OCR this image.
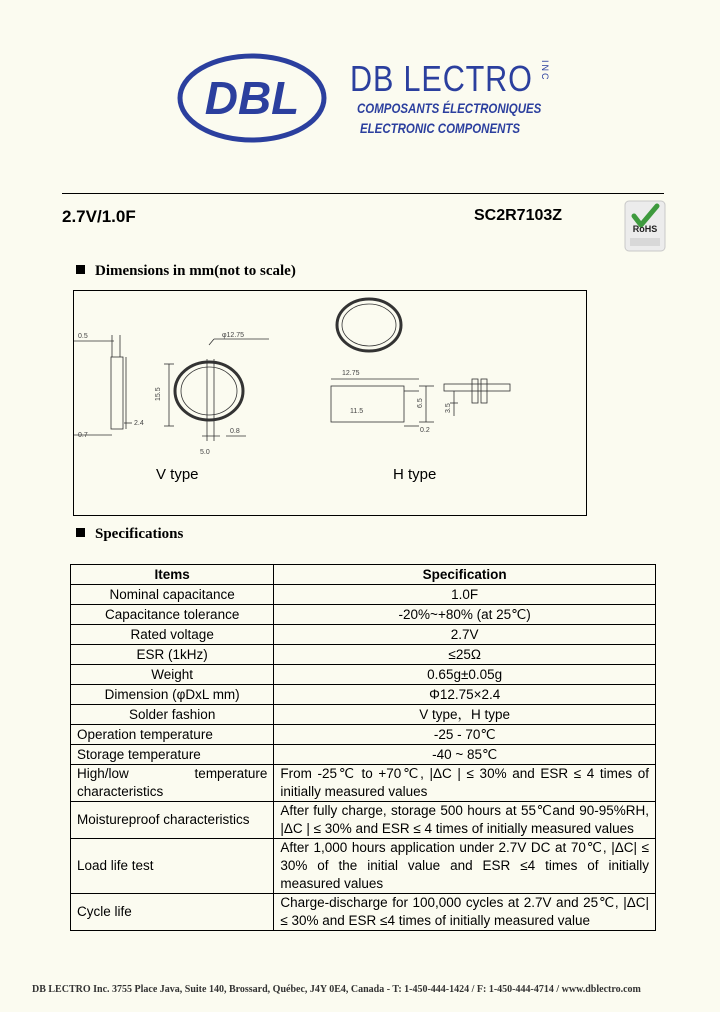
DBL DB LECTRO INC
COMPOSANTS ÉLECTRONIQUES
ELECTRONIC COMPONENTS
2.7V/1.0F	SC2R7103Z
RoHS
Dimensions in mm(not to scale)
0.5
0.7
2.4
15.5
φ12.75
5.0
0.8
12.75
11.5
6.5
0.2
3.5
V type	H type
Specifications
Items	Specification
Nominal capacitance	1.0F
Capacitance tolerance	-20%~+80% (at 25℃)
Rated voltage	2.7V
ESR (1kHz)	≤25Ω
Weight	0.65g±0.05g
Dimension (φDxL mm)	Φ12.75×2.4
Solder fashion	V type，H type
Operation temperature	-25 - 70℃
Storage temperature	-40 ~ 85℃
High/low temperature characteristics	From -25℃ to +70℃, |ΔC | ≤ 30% and ESR ≤ 4 times of initially measured values
Moistureproof characteristics	After fully charge, storage 500 hours at 55℃and 90-95%RH, |ΔC | ≤ 30% and ESR ≤ 4 times of initially measured values
Load life test	After 1,000 hours application under 2.7V DC at 70℃, |ΔC| ≤ 30% of the initial value and ESR ≤4 times of initially measured values
Cycle life	Charge-discharge for 100,000 cycles at 2.7V and 25℃, |ΔC| ≤ 30% and ESR ≤4 times of initially measured value
DB LECTRO Inc. 3755 Place Java, Suite 140, Brossard, Québec, J4Y 0E4, Canada - T: 1-450-444-1424 / F: 1-450-444-4714 / www.dblectro.com
